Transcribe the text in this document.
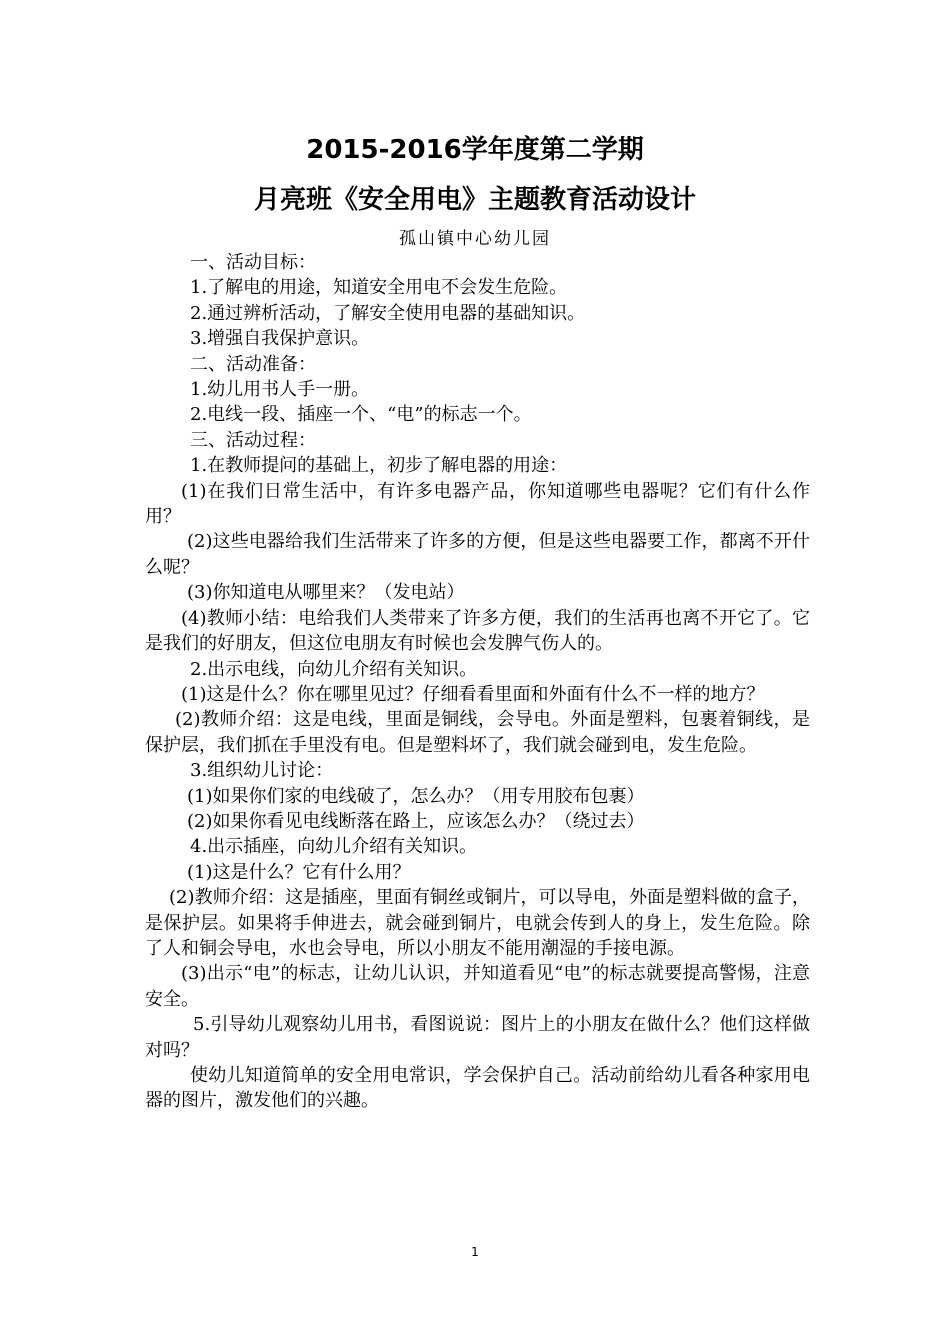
2015-2016学年度第二学期
月亮班《安全用电》主题教育活动设计
孤山镇中心幼儿园

一、活动目标：

1.了解电的用途，知道安全用电不会发生危险。

2.通过辨析活动，了解安全使用电器的基础知识。

3.增强自我保护意识。

二、活动准备：

1.幼儿用书人手一册。

2.电线一段、插座一个、“电”的标志一个。

三、活动过程：

1.在教师提问的基础上，初步了解电器的用途：

(1)在我们日常生活中，有许多电器产品，你知道哪些电器呢？它们有什么作用？

(2)这些电器给我们生活带来了许多的方便，但是这些电器要工作，都离不开什么呢？

(3)你知道电从哪里来？（发电站）

(4)教师小结：电给我们人类带来了许多方便，我们的生活再也离不开它了。它是我们的好朋友，但这位电朋友有时候也会发脾气伤人的。

2.出示电线，向幼儿介绍有关知识。

(1)这是什么？你在哪里见过？仔细看看里面和外面有什么不一样的地方？

(2)教师介绍：这是电线，里面是铜线，会导电。外面是塑料，包裹着铜线，是保护层，我们抓在手里没有电。但是塑料坏了，我们就会碰到电，发生危险。

3.组织幼儿讨论：

(1)如果你们家的电线破了，怎么办？（用专用胶布包裹）

(2)如果你看见电线断落在路上，应该怎么办？（绕过去）

4.出示插座，向幼儿介绍有关知识。

(1)这是什么？它有什么用？

(2)教师介绍：这是插座，里面有铜丝或铜片，可以导电，外面是塑料做的盒子，是保护层。如果将手伸进去，就会碰到铜片，电就会传到人的身上，发生危险。除了人和铜会导电，水也会导电，所以小朋友不能用潮湿的手接电源。

(3)出示“电”的标志，让幼儿认识，并知道看见“电”的标志就要提高警惕，注意安全。

5.引导幼儿观察幼儿用书，看图说说：图片上的小朋友在做什么？他们这样做对吗？

使幼儿知道简单的安全用电常识，学会保护自己。活动前给幼儿看各种家用电器的图片，激发他们的兴趣。

1
